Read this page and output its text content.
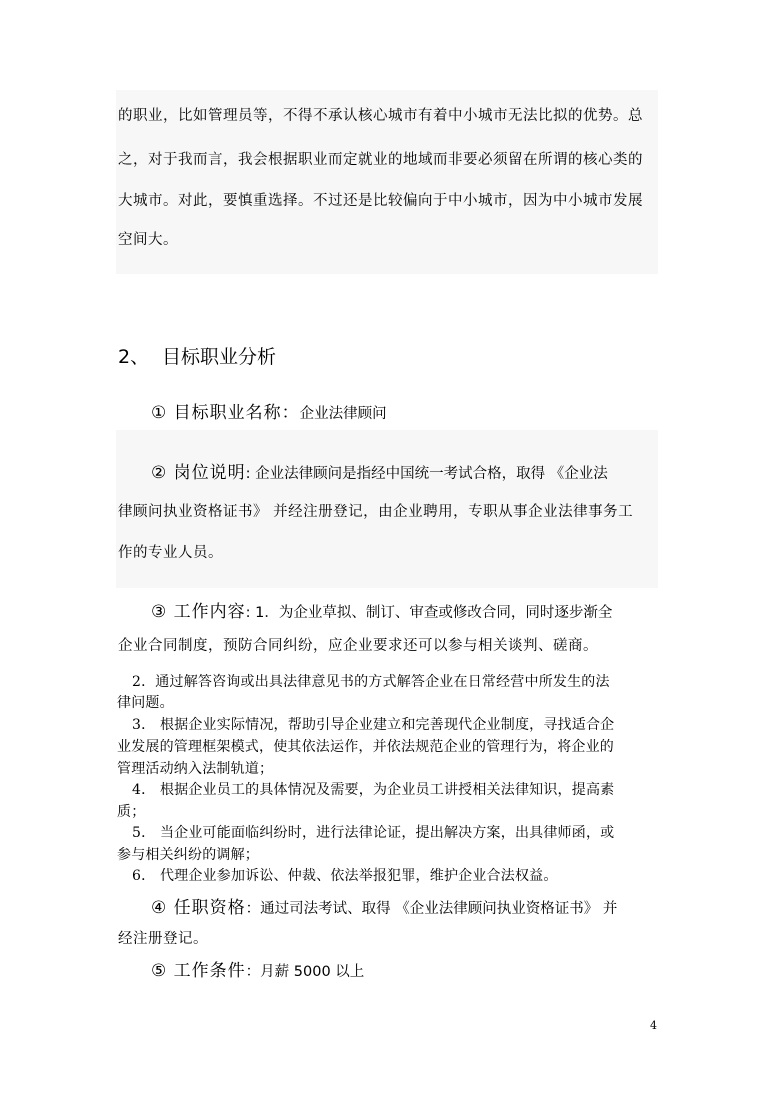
的职业，比如管理员等，不得不承认核心城市有着中小城市无法比拟的优势。总
之，对于我而言，我会根据职业而定就业的地域而非要必须留在所谓的核心类的
大城市。对此，要慎重选择。不过还是比较偏向于中小城市，因为中小城市发展
空间大。
2、 目标职业分析
① 目标职业名称：企业法律顾问
② 岗位说明: 企业法律顾问是指经中国统一考试合格，取得 《企业法
律顾问执业资格证书》 并经注册登记，由企业聘用，专职从事企业法律事务工
作的专业人员。
③ 工作内容: 1．为企业草拟、制订、审查或修改合同，同时逐步渐全
企业合同制度，预防合同纠纷，应企业要求还可以参与相关谈判、磋商。
2．通过解答咨询或出具法律意见书的方式解答企业在日常经营中所发生的法
律问题。
3． 根据企业实际情况，帮助引导企业建立和完善现代企业制度，寻找适合企
业发展的管理框架模式，使其依法运作，并依法规范企业的管理行为，将企业的
管理活动纳入法制轨道；
4． 根据企业员工的具体情况及需要，为企业员工讲授相关法律知识，提高素
质；
5． 当企业可能面临纠纷时，进行法律论证，提出解决方案，出具律师函，或
参与相关纠纷的调解；
6． 代理企业参加诉讼、仲裁、依法举报犯罪，维护企业合法权益。
④ 任职资格：通过司法考试、取得 《企业法律顾问执业资格证书》 并
经注册登记。
⑤ 工作条件：月薪 5000 以上
4
